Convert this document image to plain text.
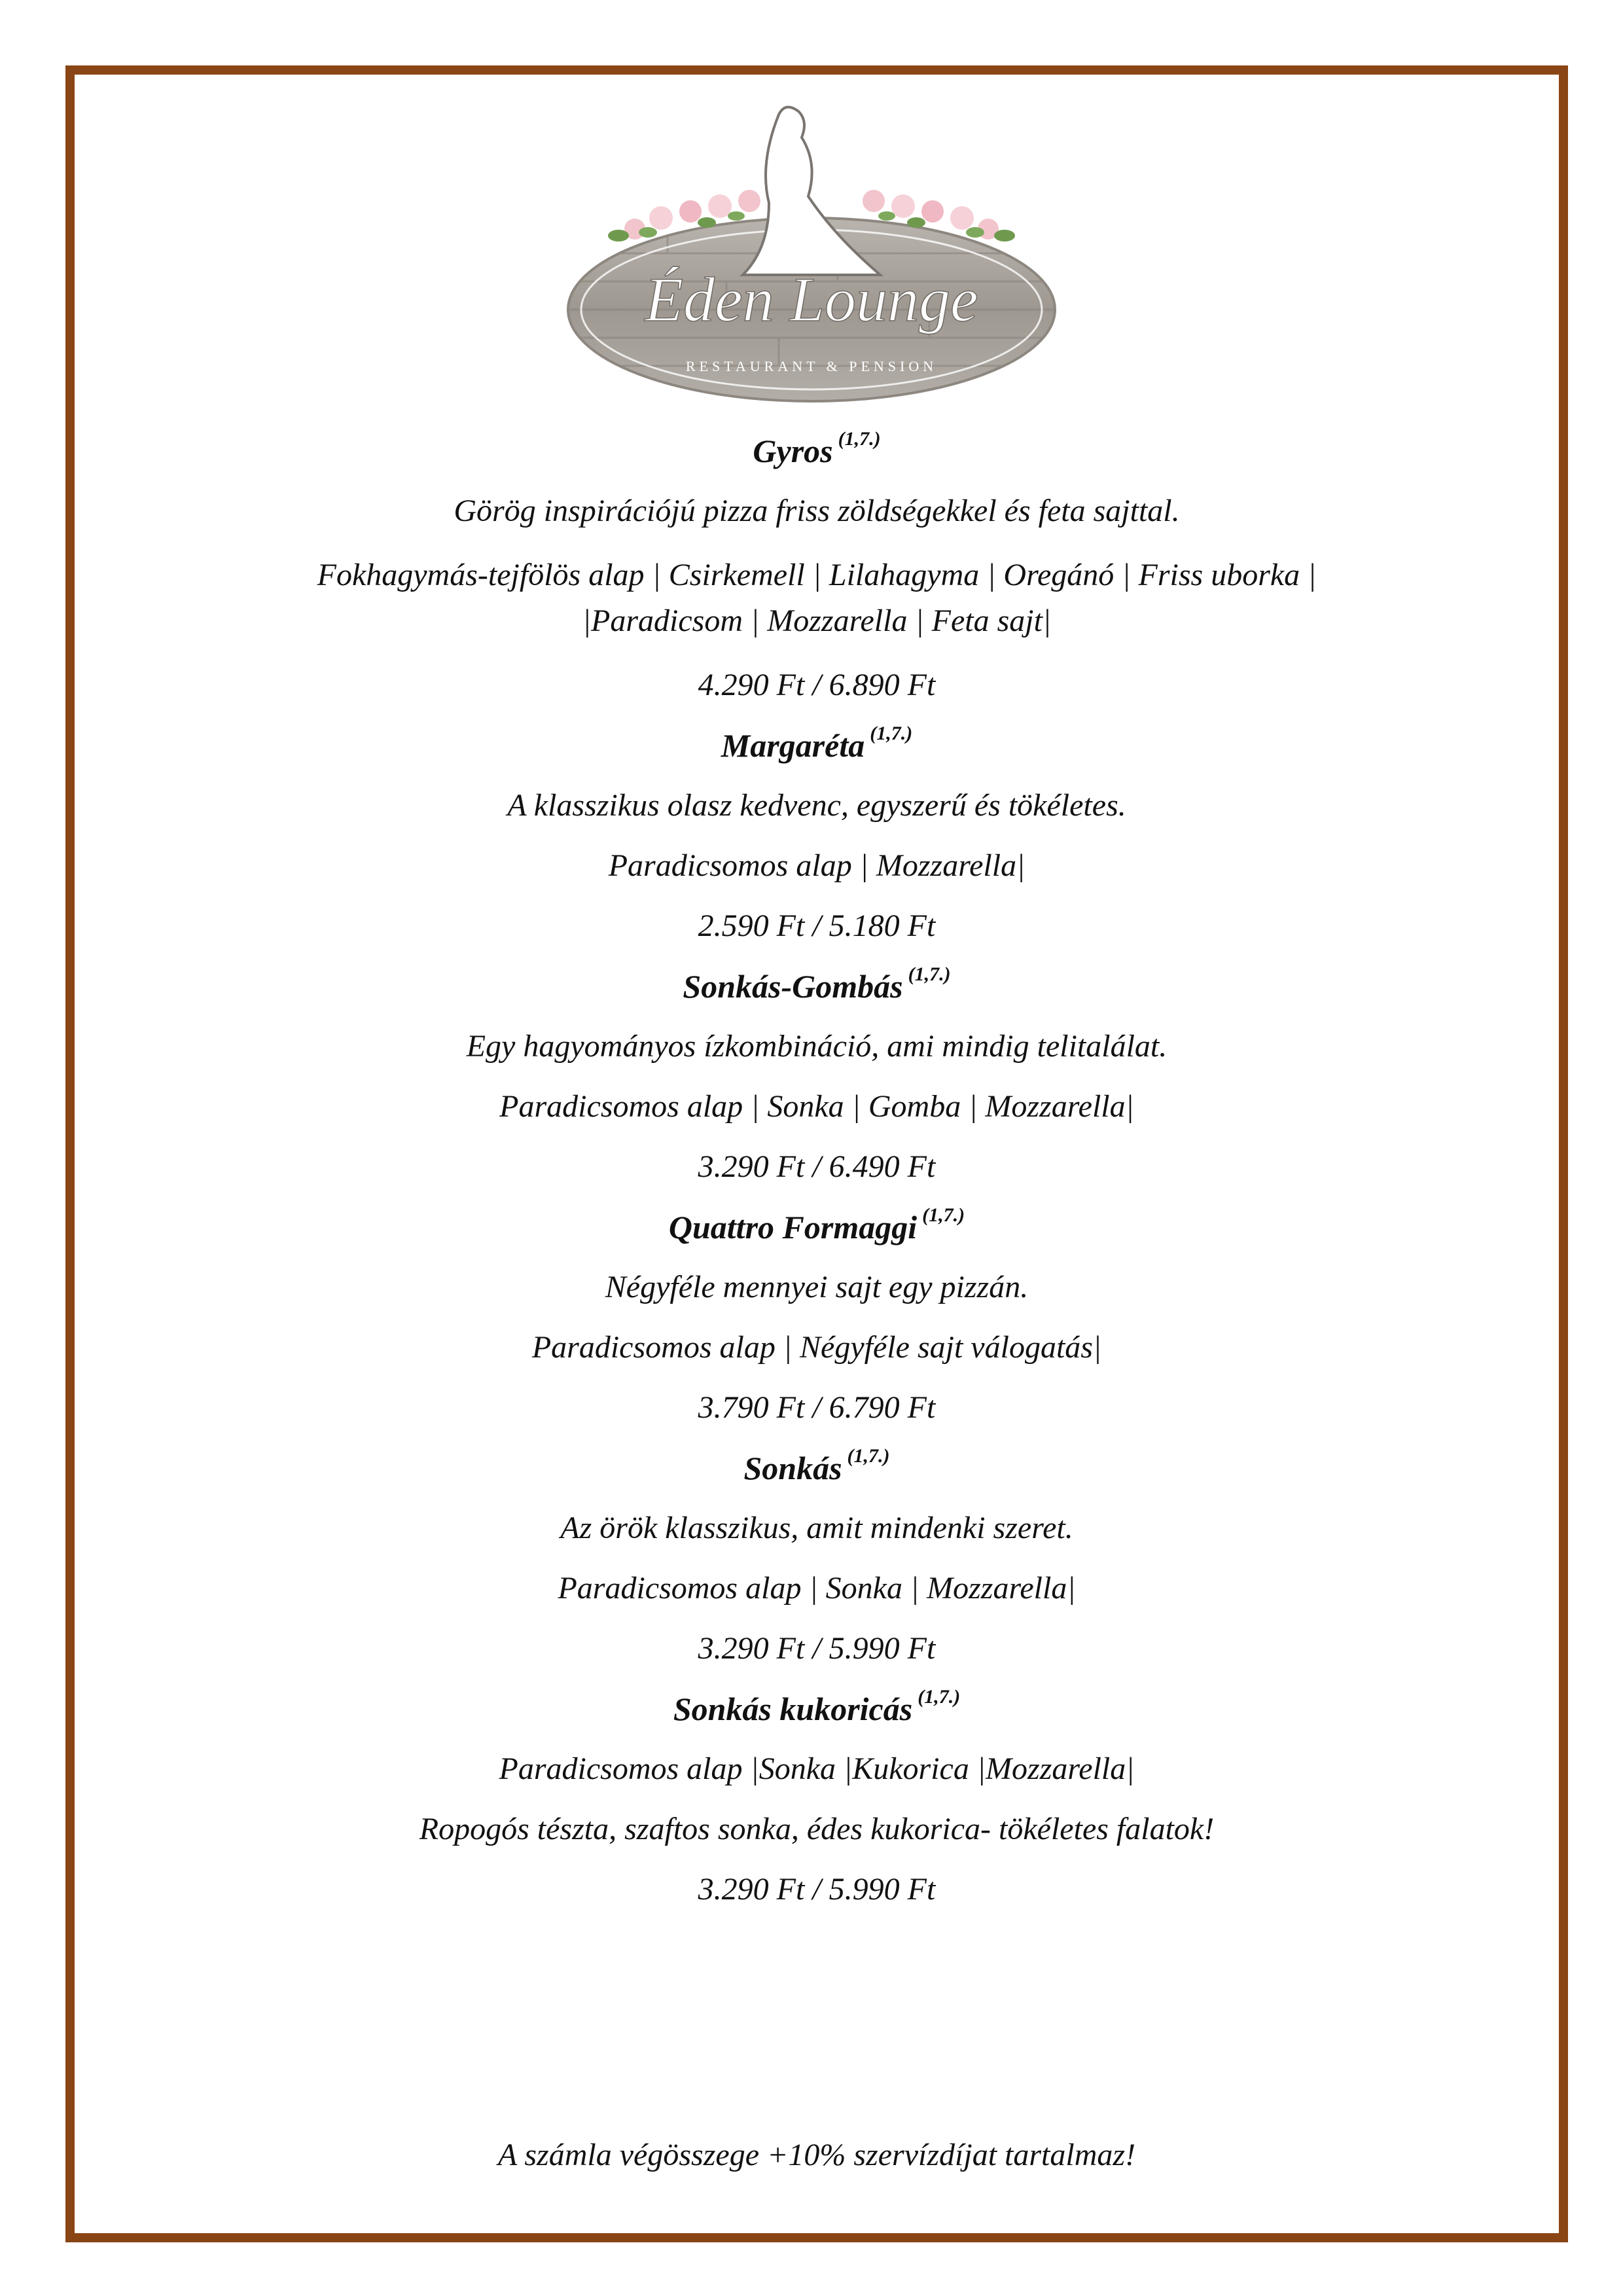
Éden Lounge
RESTAURANT & PENSION
Gyros $^{(1,7.)}$
Görög inspirációjú pizza friss zöldségekkel és feta sajttal.
Fokhagymás-tejfölös alap | Csirkemell | Lilahagyma | Oregánó | Friss uborka |
|Paradicsom | Mozzarella | Feta sajt|
4.290 Ft / 6.890 Ft
Margaréta $^{(1,7.)}$
A klasszikus olasz kedvenc, egyszerű és tökéletes.
Paradicsomos alap | Mozzarella|
2.590 Ft / 5.180 Ft
Sonkás-Gombás $^{(1,7.)}$
Egy hagyományos ízkombináció, ami mindig telitalálat.
Paradicsomos alap | Sonka | Gomba | Mozzarella|
3.290 Ft / 6.490 Ft
Quattro Formaggi $^{(1,7.)}$
Négyféle mennyei sajt egy pizzán.
Paradicsomos alap | Négyféle sajt válogatás|
3.790 Ft / 6.790 Ft
Sonkás $^{(1,7.)}$
Az örök klasszikus, amit mindenki szeret.
Paradicsomos alap | Sonka | Mozzarella|
3.290 Ft / 5.990 Ft
Sonkás kukoricás $^{(1,7.)}$
Paradicsomos alap |Sonka |Kukorica |Mozzarella|
Ropogós tészta, szaftos sonka, édes kukorica- tökéletes falatok!
3.290 Ft / 5.990 Ft
A számla végösszege +10% szervízdíjat tartalmaz!
